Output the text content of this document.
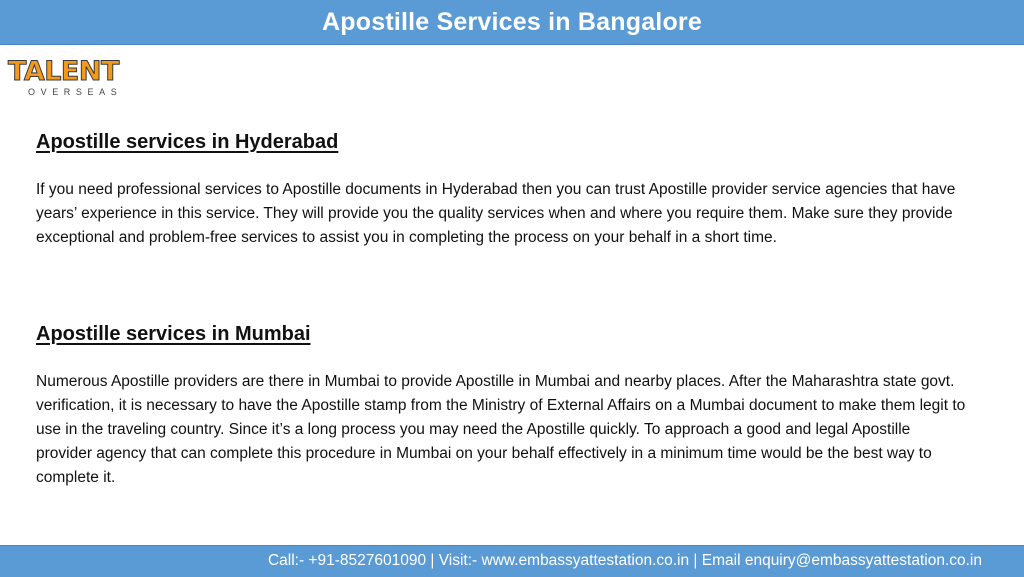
Apostille Services in Bangalore
TALENT
OVERSEAS
Apostille services in Hyderabad

If you need professional services to Apostille documents in Hyderabad then you can trust Apostille provider service agencies that have years’ experience in this service. They will provide you the quality services when and where you require them. Make sure they provide exceptional and problem-free services to assist you in completing the process on your behalf in a short time.

Apostille services in Mumbai

Numerous Apostille providers are there in Mumbai to provide Apostille in Mumbai and nearby places. After the Maharashtra state govt. verification, it is necessary to have the Apostille stamp from the Ministry of External Affairs on a Mumbai document to make them legit to use in the traveling country. Since it’s a long process you may need the Apostille quickly. To approach a good and legal Apostille provider agency that can complete this procedure in Mumbai on your behalf effectively in a minimum time would be the best way to complete it.

Call:- +91-8527601090 | Visit:- www.embassyattestation.co.in | Email enquiry@embassyattestation.co.in
